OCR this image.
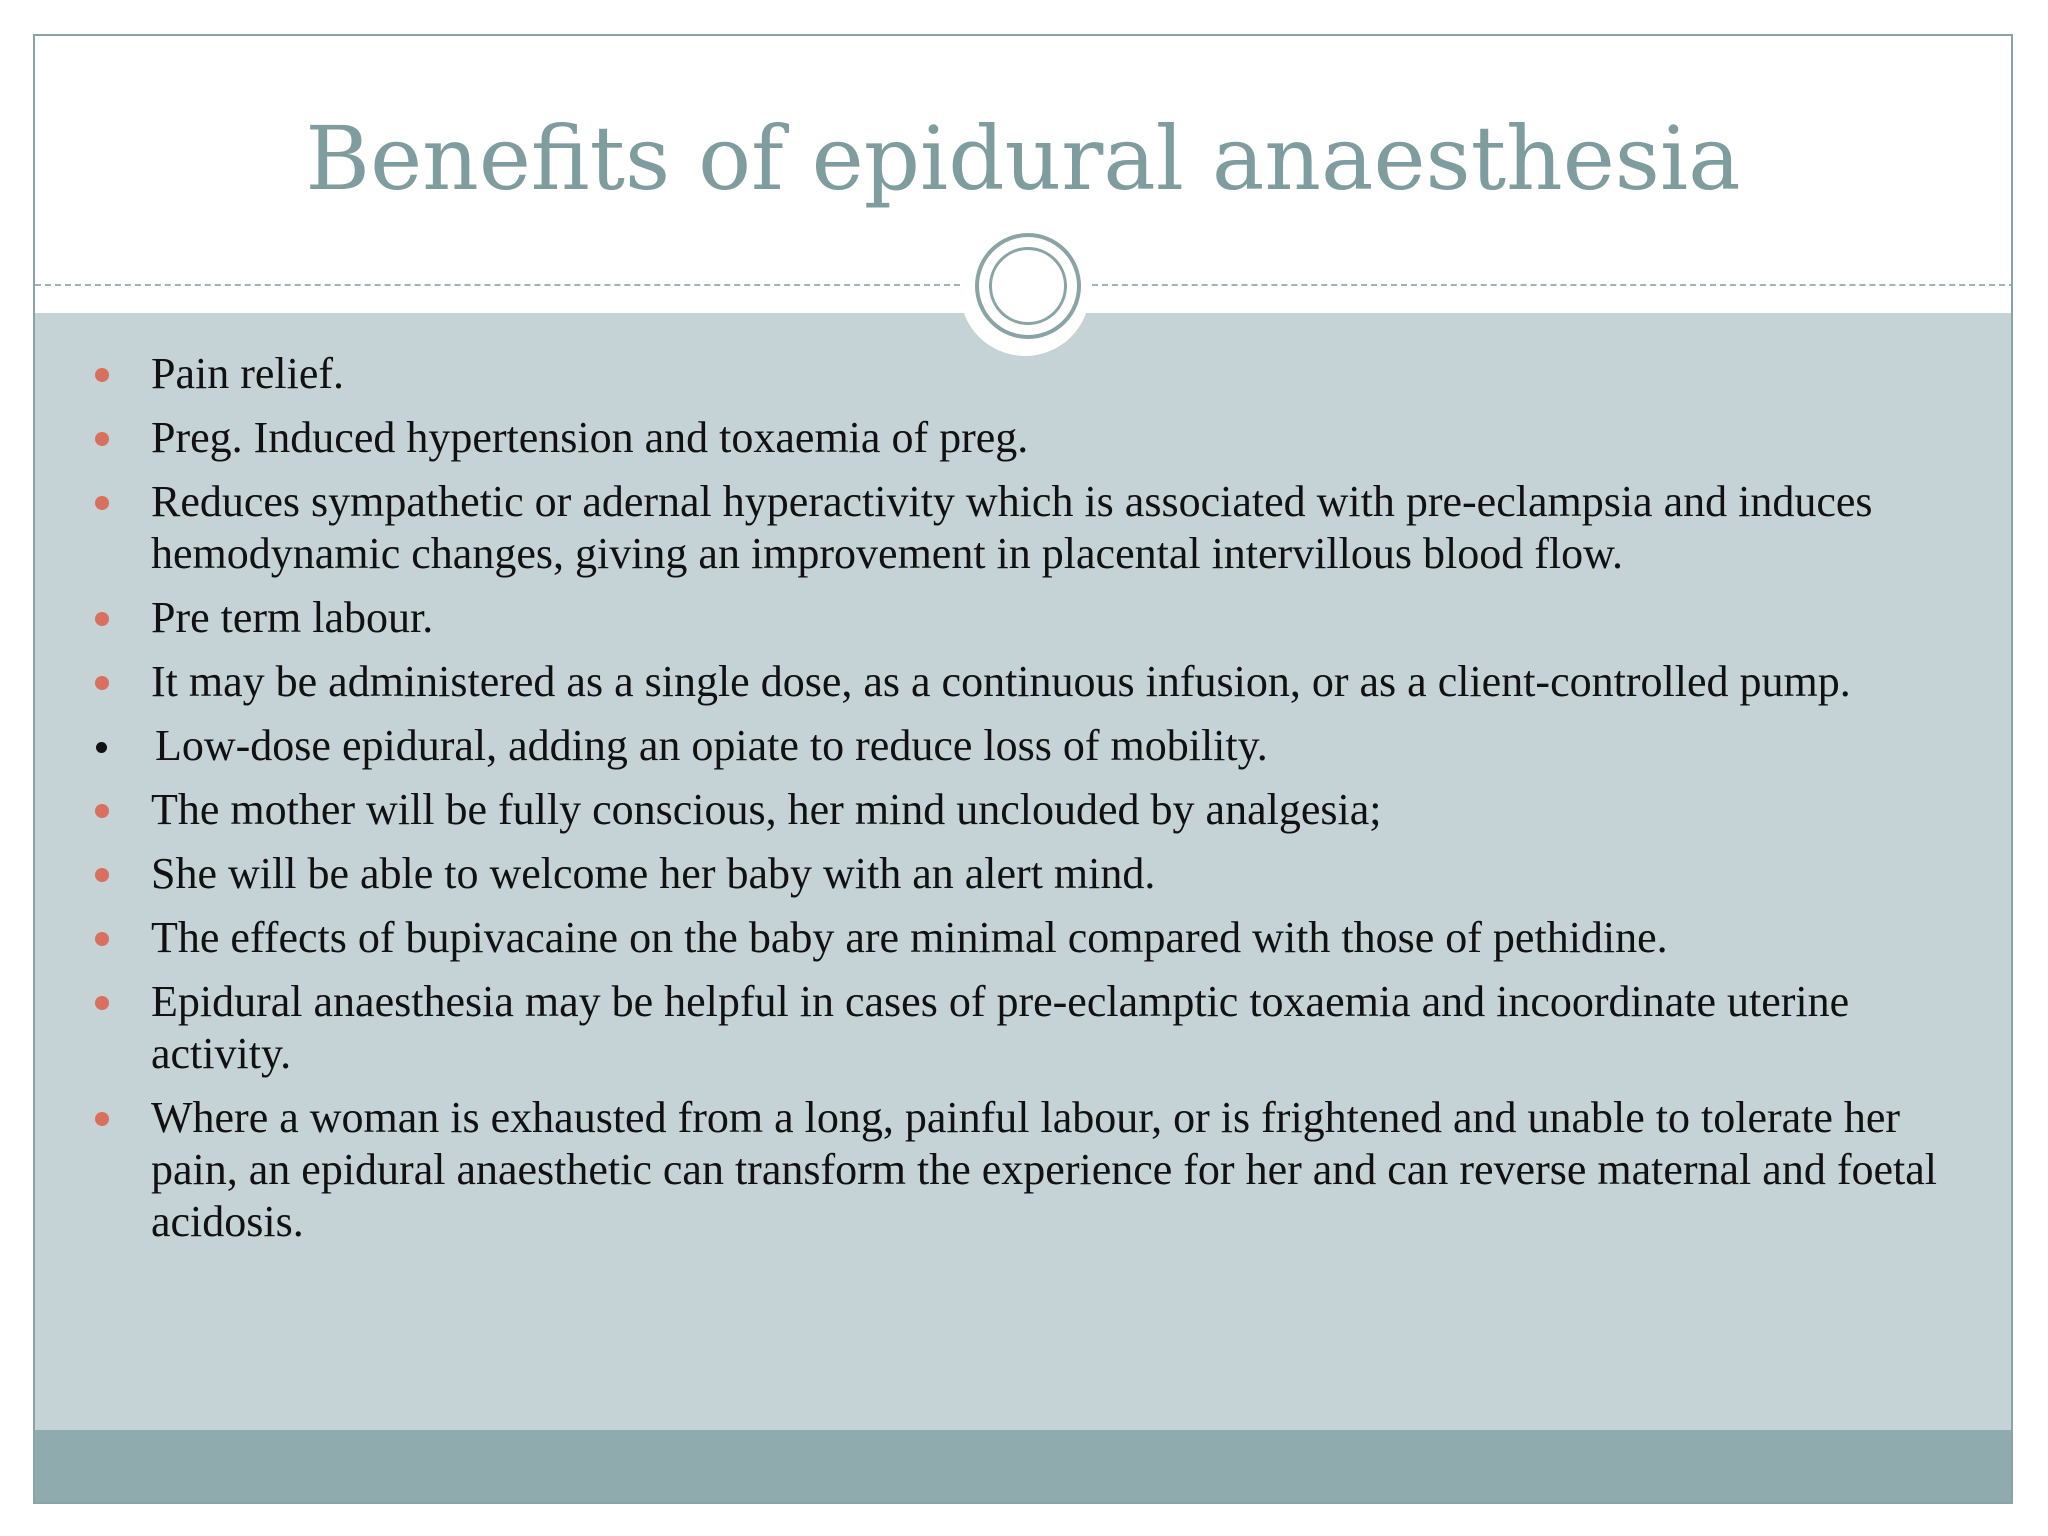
Benefits of epidural anaesthesia
Pain relief.
Preg. Induced hypertension and toxaemia of preg.
Reduces sympathetic or adernal hyperactivity which is associated with pre-eclampsia and induces hemodynamic changes, giving an improvement in placental intervillous blood flow.
Pre term labour.
It may be administered as a single dose, as a continuous infusion, or as a client-controlled pump.
Low-dose epidural, adding an opiate to reduce loss of mobility.
The mother will be fully conscious, her mind unclouded by analgesia;
She will be able to welcome her baby with an alert mind.
The effects of bupivacaine on the baby are minimal compared with those of pethidine.
Epidural anaesthesia may be helpful in cases of pre-eclamptic toxaemia and incoordinate uterine activity.
Where a woman is exhausted from a long, painful labour, or is frightened and unable to tolerate her pain, an epidural anaesthetic can transform the experience for her and can reverse maternal and foetal acidosis.
